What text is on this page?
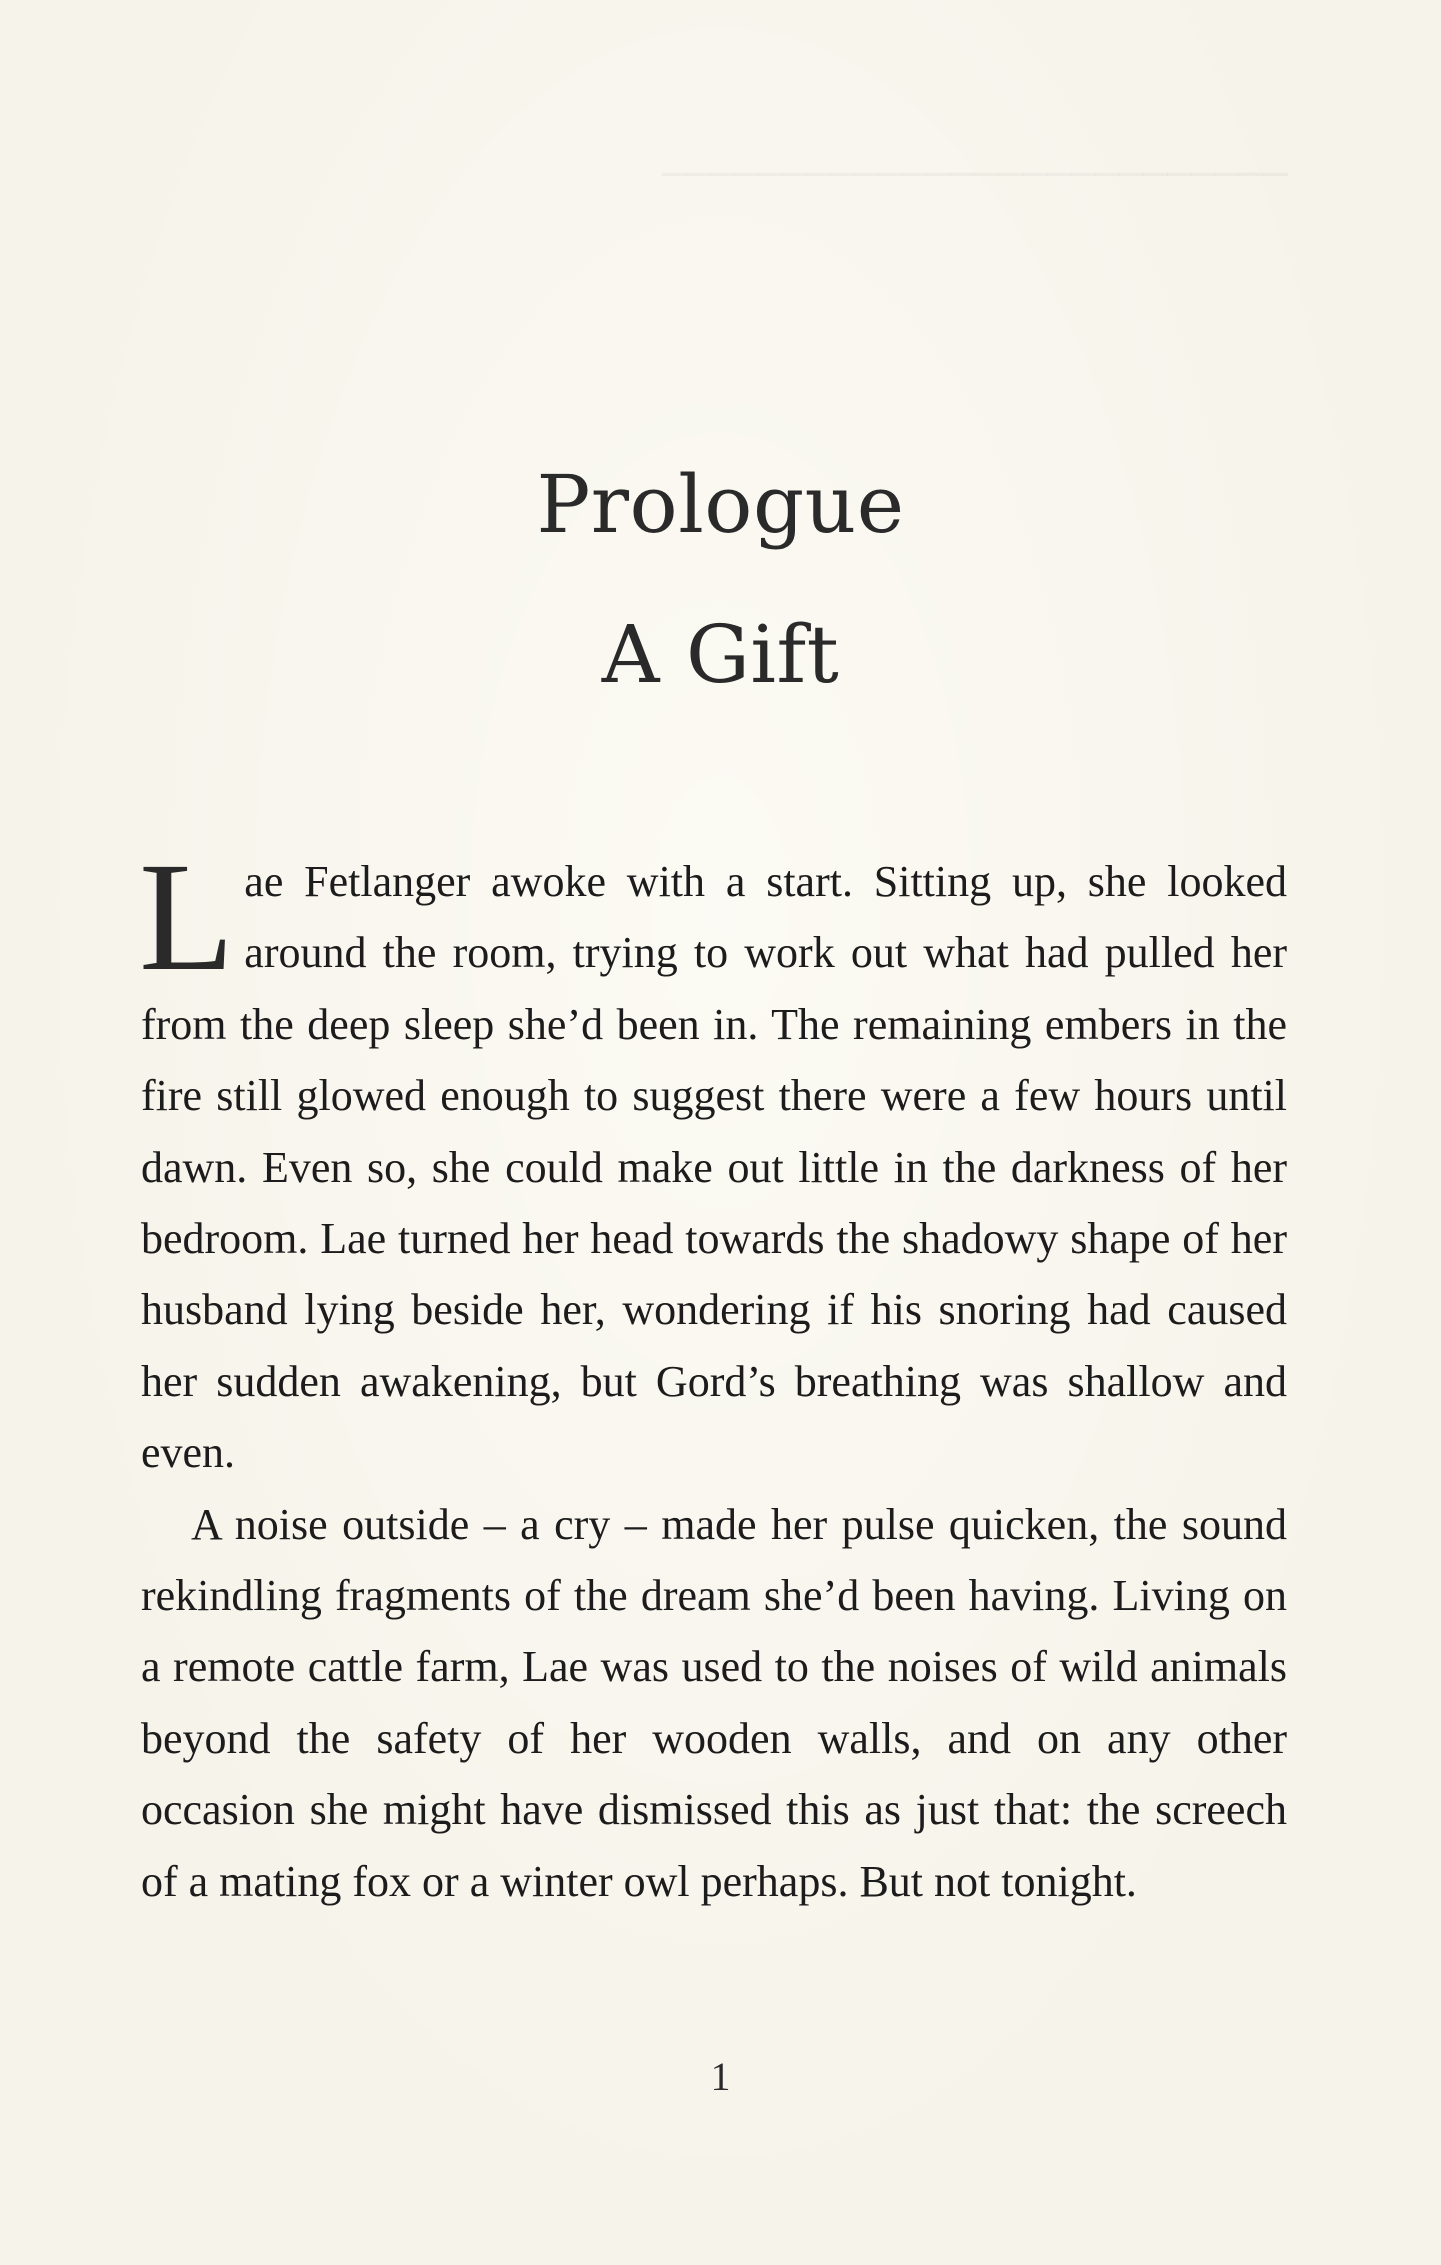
Prologue
A Gift

Lae Fetlanger awoke with a start. Sitting up, she looked around the room, trying to work out what had pulled her from the deep sleep she’d been in. The remaining embers in the fire still glowed enough to suggest there were a few hours until dawn. Even so, she could make out little in the darkness of her bedroom. Lae turned her head towards the shadowy shape of her husband lying beside her, wondering if his snoring had caused her sudden awakening, but Gord’s breathing was shallow and even.

A noise outside – a cry – made her pulse quicken, the sound rekindling fragments of the dream she’d been having. Living on a remote cattle farm, Lae was used to the noises of wild animals beyond the safety of her wooden walls, and on any other occasion she might have dismissed this as just that: the screech of a mating fox or a winter owl perhaps. But not tonight.

1
